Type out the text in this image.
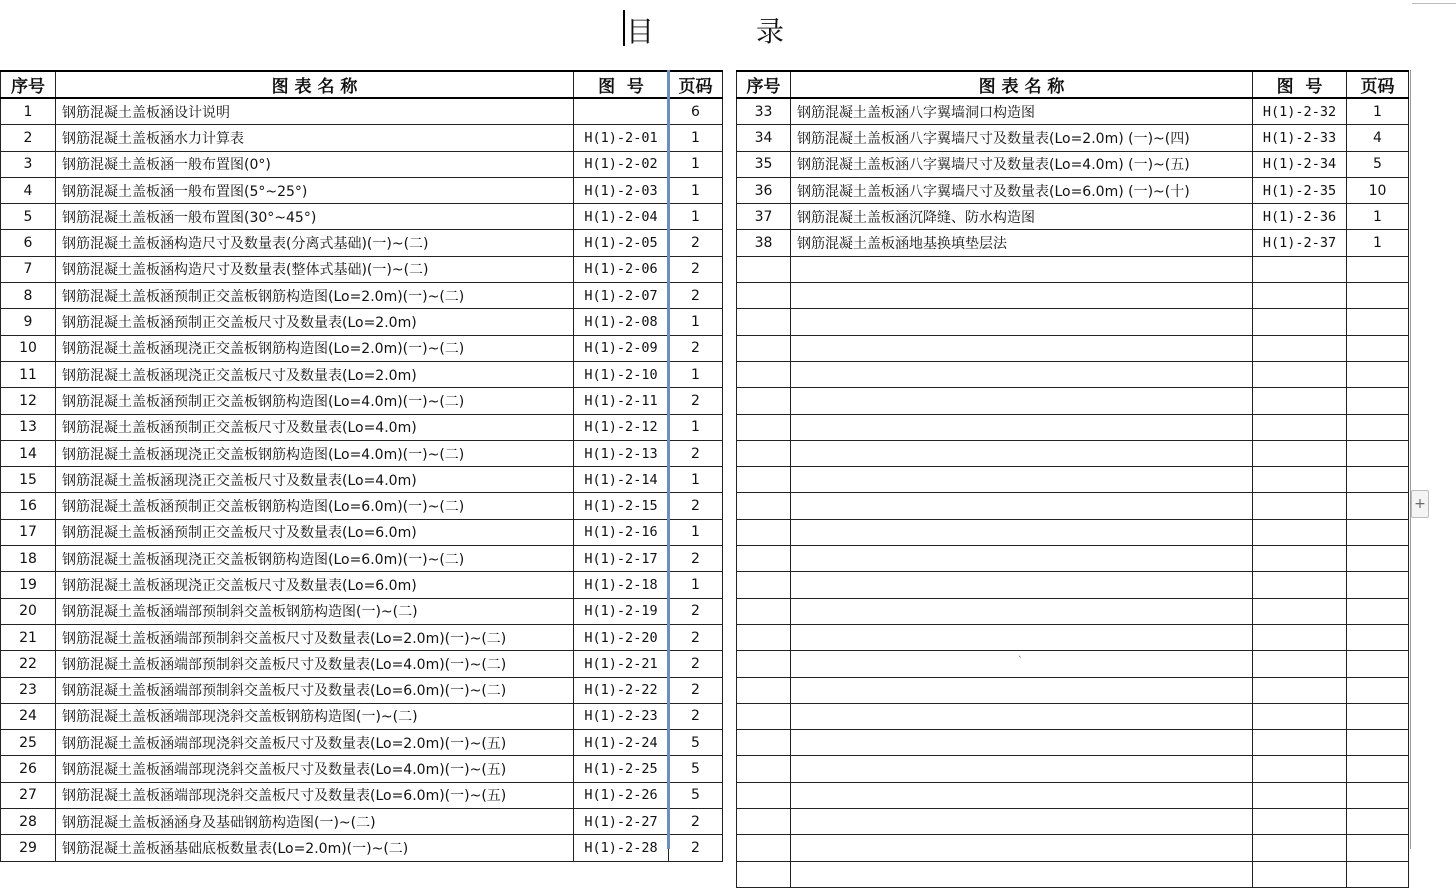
目	录
序号	图 表 名 称	图  号	页码
1	钢筋混凝土盖板涵设计说明		6
2	钢筋混凝土盖板涵水力计算表	H(1)-2-01	1
3	钢筋混凝土盖板涵一般布置图(0°)	H(1)-2-02	1
4	钢筋混凝土盖板涵一般布置图(5°~25°)	H(1)-2-03	1
5	钢筋混凝土盖板涵一般布置图(30°~45°)	H(1)-2-04	1
6	钢筋混凝土盖板涵构造尺寸及数量表(分离式基础)(一)~(二)	H(1)-2-05	2
7	钢筋混凝土盖板涵构造尺寸及数量表(整体式基础)(一)~(二)	H(1)-2-06	2
8	钢筋混凝土盖板涵预制正交盖板钢筋构造图(Lo=2.0m)(一)~(二)	H(1)-2-07	2
9	钢筋混凝土盖板涵预制正交盖板尺寸及数量表(Lo=2.0m)	H(1)-2-08	1
10	钢筋混凝土盖板涵现浇正交盖板钢筋构造图(Lo=2.0m)(一)~(二)	H(1)-2-09	2
11	钢筋混凝土盖板涵现浇正交盖板尺寸及数量表(Lo=2.0m)	H(1)-2-10	1
12	钢筋混凝土盖板涵预制正交盖板钢筋构造图(Lo=4.0m)(一)~(二)	H(1)-2-11	2
13	钢筋混凝土盖板涵预制正交盖板尺寸及数量表(Lo=4.0m)	H(1)-2-12	1
14	钢筋混凝土盖板涵现浇正交盖板钢筋构造图(Lo=4.0m)(一)~(二)	H(1)-2-13	2
15	钢筋混凝土盖板涵现浇正交盖板尺寸及数量表(Lo=4.0m)	H(1)-2-14	1
16	钢筋混凝土盖板涵预制正交盖板钢筋构造图(Lo=6.0m)(一)~(二)	H(1)-2-15	2
17	钢筋混凝土盖板涵预制正交盖板尺寸及数量表(Lo=6.0m)	H(1)-2-16	1
18	钢筋混凝土盖板涵现浇正交盖板钢筋构造图(Lo=6.0m)(一)~(二)	H(1)-2-17	2
19	钢筋混凝土盖板涵现浇正交盖板尺寸及数量表(Lo=6.0m)	H(1)-2-18	1
20	钢筋混凝土盖板涵端部预制斜交盖板钢筋构造图(一)~(二)	H(1)-2-19	2
21	钢筋混凝土盖板涵端部预制斜交盖板尺寸及数量表(Lo=2.0m)(一)~(二)	H(1)-2-20	2
22	钢筋混凝土盖板涵端部预制斜交盖板尺寸及数量表(Lo=4.0m)(一)~(二)	H(1)-2-21	2
23	钢筋混凝土盖板涵端部预制斜交盖板尺寸及数量表(Lo=6.0m)(一)~(二)	H(1)-2-22	2
24	钢筋混凝土盖板涵端部现浇斜交盖板钢筋构造图(一)~(二)	H(1)-2-23	2
25	钢筋混凝土盖板涵端部现浇斜交盖板尺寸及数量表(Lo=2.0m)(一)~(五)	H(1)-2-24	5
26	钢筋混凝土盖板涵端部现浇斜交盖板尺寸及数量表(Lo=4.0m)(一)~(五)	H(1)-2-25	5
27	钢筋混凝土盖板涵端部现浇斜交盖板尺寸及数量表(Lo=6.0m)(一)~(五)	H(1)-2-26	5
28	钢筋混凝土盖板涵涵身及基础钢筋构造图(一)~(二)	H(1)-2-27	2
29	钢筋混凝土盖板涵基础底板数量表(Lo=2.0m)(一)~(二)	H(1)-2-28	2
序号	图 表 名 称	图  号	页码
33	钢筋混凝土盖板涵八字翼墙洞口构造图	H(1)-2-32	1
34	钢筋混凝土盖板涵八字翼墙尺寸及数量表(Lo=2.0m) (一)~(四)	H(1)-2-33	4
35	钢筋混凝土盖板涵八字翼墙尺寸及数量表(Lo=4.0m) (一)~(五)	H(1)-2-34	5
36	钢筋混凝土盖板涵八字翼墙尺寸及数量表(Lo=6.0m) (一)~(十)	H(1)-2-35	10
37	钢筋混凝土盖板涵沉降缝、防水构造图	H(1)-2-36	1
38	钢筋混凝土盖板涵地基换填垫层法	H(1)-2-37	1

+
`
